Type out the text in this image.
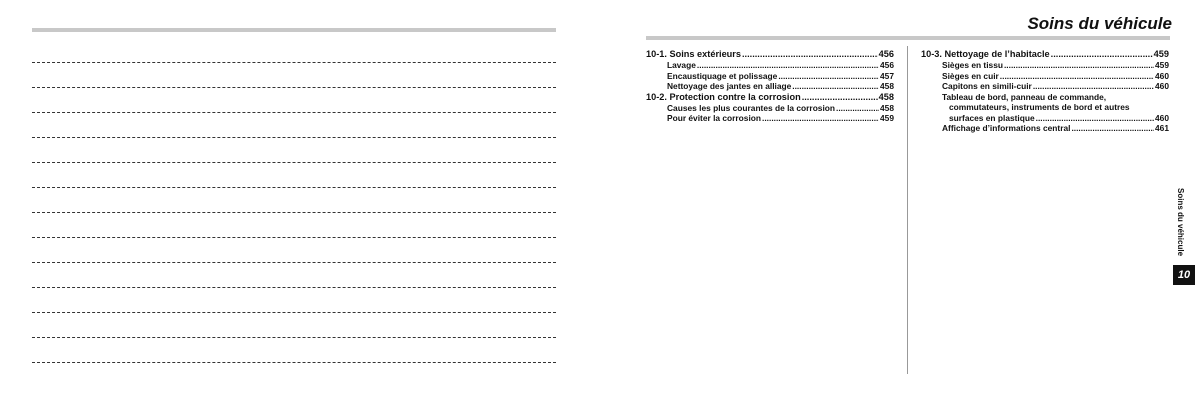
Soins du véhicule
10-1. Soins extérieurs .....	456
Lavage .....	456
Encaustiquage et polissage .....	457
Nettoyage des jantes en alliage .....	458
10-2. Protection contre la corrosion .....	458
Causes les plus courantes de la corrosion .....	458
Pour éviter la corrosion .....	459
10-3. Nettoyage de l’habitacle .....	459
Sièges en tissu .....	459
Sièges en cuir .....	460
Capitons en simili-cuir .....	460
Tableau de bord, panneau de commande,
commutateurs, instruments de bord et autres
surfaces en plastique .....	460
Affichage d’informations central .....	461
Soins du véhicule
10
